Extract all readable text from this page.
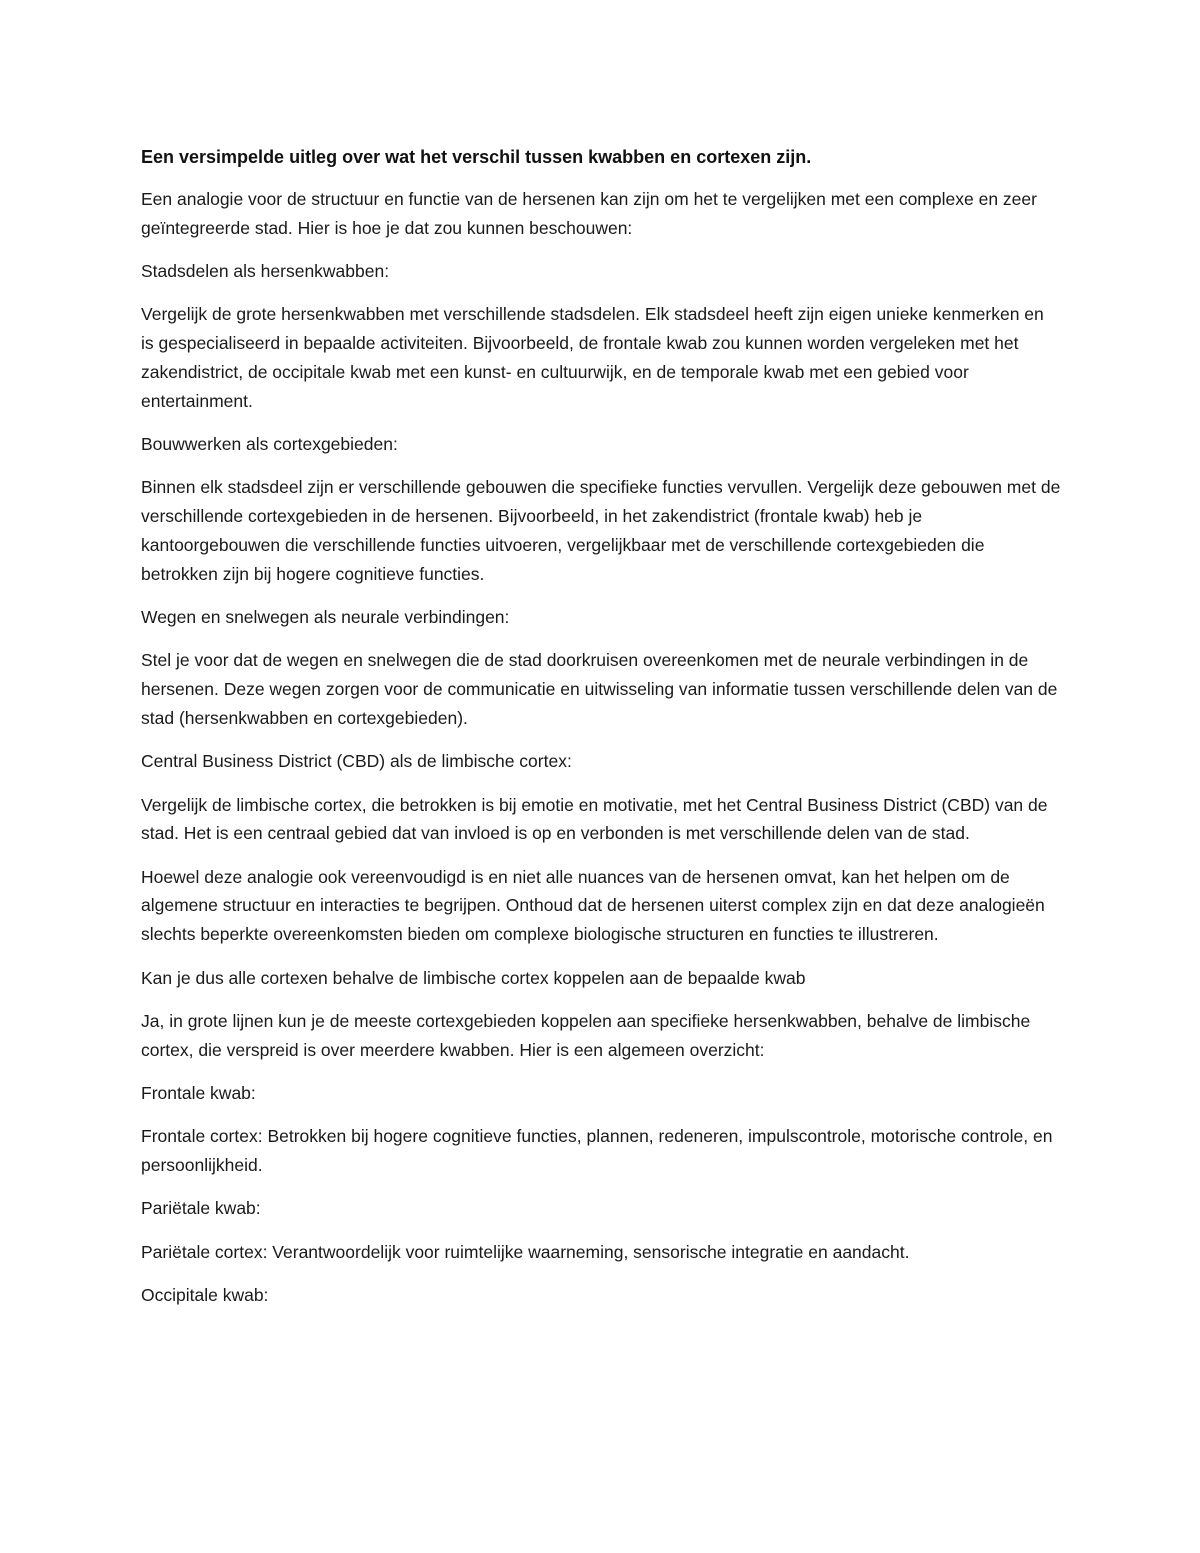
Een versimpelde uitleg over wat het verschil tussen kwabben en cortexen zijn.

Een analogie voor de structuur en functie van de hersenen kan zijn om het te vergelijken met een complexe en zeer geïntegreerde stad. Hier is hoe je dat zou kunnen beschouwen:

Stadsdelen als hersenkwabben:

Vergelijk de grote hersenkwabben met verschillende stadsdelen. Elk stadsdeel heeft zijn eigen unieke kenmerken en is gespecialiseerd in bepaalde activiteiten. Bijvoorbeeld, de frontale kwab zou kunnen worden vergeleken met het zakendistrict, de occipitale kwab met een kunst- en cultuurwijk, en de temporale kwab met een gebied voor entertainment.

Bouwwerken als cortexgebieden:

Binnen elk stadsdeel zijn er verschillende gebouwen die specifieke functies vervullen. Vergelijk deze gebouwen met de verschillende cortexgebieden in de hersenen. Bijvoorbeeld, in het zakendistrict (frontale kwab) heb je kantoorgebouwen die verschillende functies uitvoeren, vergelijkbaar met de verschillende cortexgebieden die betrokken zijn bij hogere cognitieve functies.

Wegen en snelwegen als neurale verbindingen:

Stel je voor dat de wegen en snelwegen die de stad doorkruisen overeenkomen met de neurale verbindingen in de hersenen. Deze wegen zorgen voor de communicatie en uitwisseling van informatie tussen verschillende delen van de stad (hersenkwabben en cortexgebieden).

Central Business District (CBD) als de limbische cortex:

Vergelijk de limbische cortex, die betrokken is bij emotie en motivatie, met het Central Business District (CBD) van de stad. Het is een centraal gebied dat van invloed is op en verbonden is met verschillende delen van de stad.

Hoewel deze analogie ook vereenvoudigd is en niet alle nuances van de hersenen omvat, kan het helpen om de algemene structuur en interacties te begrijpen. Onthoud dat de hersenen uiterst complex zijn en dat deze analogieën slechts beperkte overeenkomsten bieden om complexe biologische structuren en functies te illustreren.

Kan je dus alle cortexen behalve de limbische cortex koppelen aan de bepaalde kwab

Ja, in grote lijnen kun je de meeste cortexgebieden koppelen aan specifieke hersenkwabben, behalve de limbische cortex, die verspreid is over meerdere kwabben. Hier is een algemeen overzicht:

Frontale kwab:

Frontale cortex: Betrokken bij hogere cognitieve functies, plannen, redeneren, impulscontrole, motorische controle, en persoonlijkheid.

Pariëtale kwab:

Pariëtale cortex: Verantwoordelijk voor ruimtelijke waarneming, sensorische integratie en aandacht.

Occipitale kwab:
